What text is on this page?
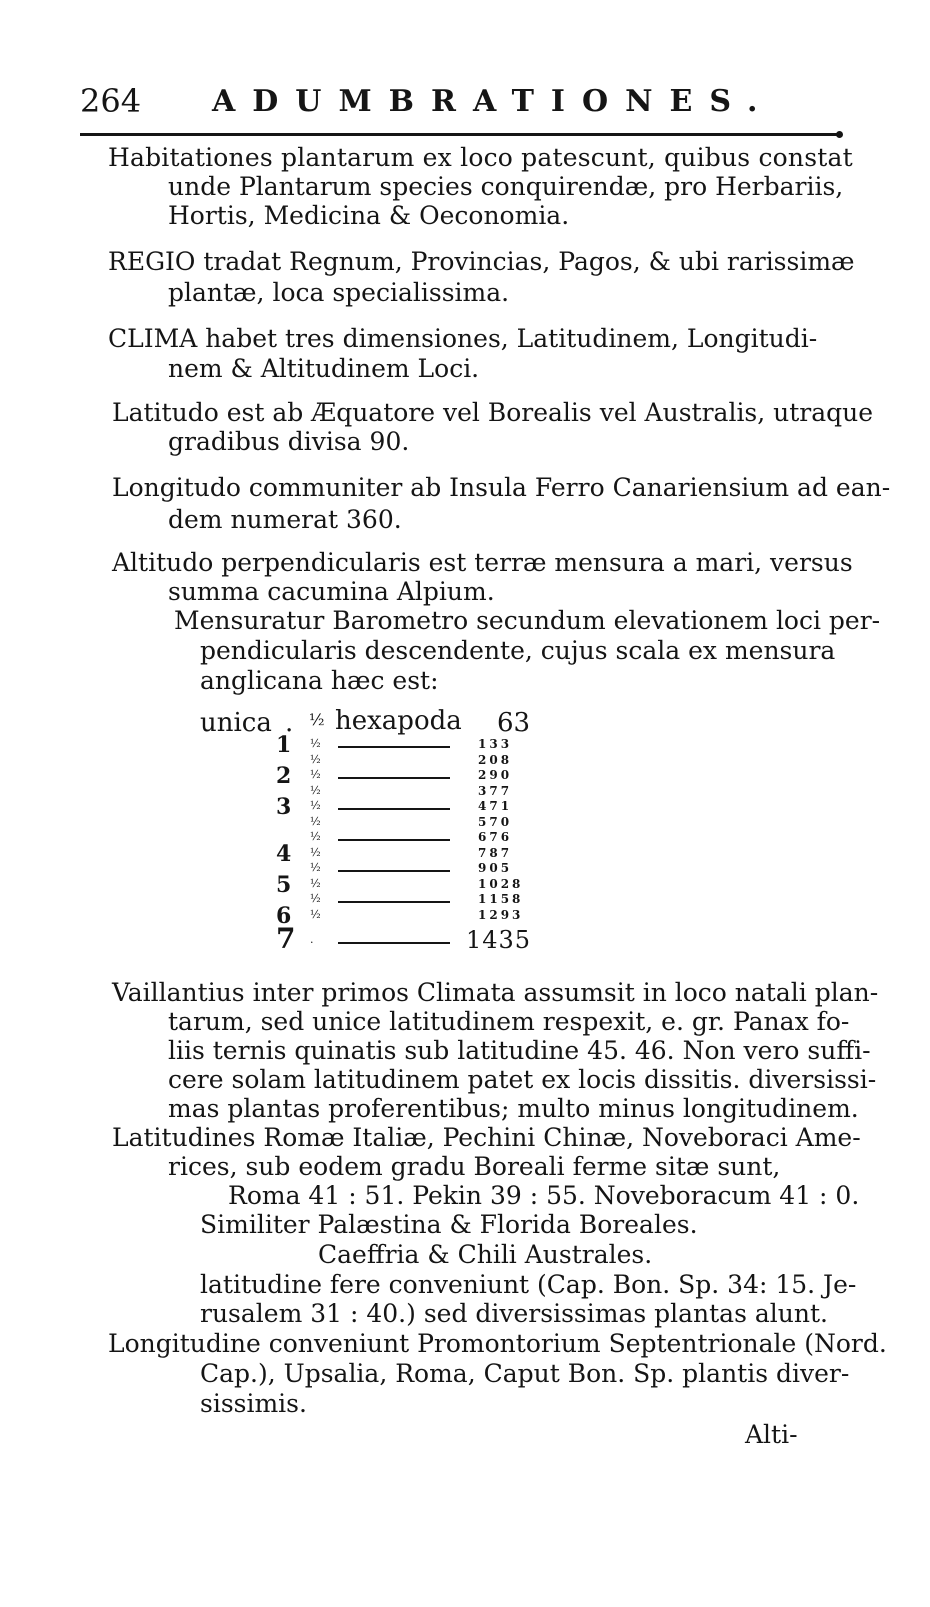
264 ADUMBRATIONES.
Habitationes plantarum ex loco patescunt, quibus constat
unde Plantarum species conquirendæ, pro Herbariis,
Hortis, Medicina & Oeconomia.
REGIO tradat Regnum, Provincias, Pagos, & ubi rarissimæ
plantæ, loca specialissima.
CLIMA habet tres dimensiones, Latitudinem, Longitudi-
nem & Altitudinem Loci.
Latitudo est ab Æquatore vel Borealis vel Australis, utraque
gradibus divisa 90.
Longitudo communiter ab Insula Ferro Canariensium ad ean-
dem numerat 360.
Altitudo perpendicularis est terræ mensura a mari, versus
summa cacumina Alpium.
Mensuratur Barometro secundum elevationem loci per-
pendicularis descendente, cujus scala ex mensura
anglicana hæc est:
unica . ½ hexapoda 63
1 ½	133
½	208
2 ½	290
½	377
3 ½	471
½	570
½	676
4 ½	787
½	905
5 ½	1028
½	1158
6 ½	1293
7 .	1435
Vaillantius inter primos Climata assumsit in loco natali plan-
tarum, sed unice latitudinem respexit, e. gr. Panax fo-
liis ternis quinatis sub latitudine 45. 46. Non vero suffi-
cere solam latitudinem patet ex locis dissitis. diversissi-
mas plantas proferentibus; multo minus longitudinem.
Latitudines Romæ Italiæ, Pechini Chinæ, Noveboraci Ame-
rices, sub eodem gradu Boreali ferme sitæ sunt,
Roma 41 : 51. Pekin 39 : 55. Noveboracum 41 : 0.
Similiter Palæstina & Florida Boreales.
Caeffria & Chili Australes.
latitudine fere conveniunt (Cap. Bon. Sp. 34: 15. Je-
rusalem 31 : 40.) sed diversissimas plantas alunt.
Longitudine conveniunt Promontorium Septentrionale (Nord.
Cap.), Upsalia, Roma, Caput Bon. Sp. plantis diver-
sissimis.
Alti-
